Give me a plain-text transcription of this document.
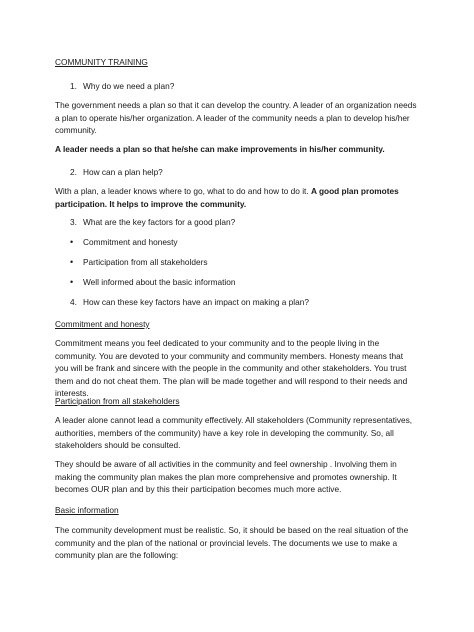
COMMUNITY TRAINING
1. Why do we need a plan?
The government needs a plan so that it can develop the country. A leader of an organization needs a plan to operate his/her organization. A leader of the community needs a plan to develop his/her community.
A leader needs a plan so that he/she can make improvements in his/her community.
2. How can a plan help?
With a plan, a leader knows where to go, what to do and how to do it. A good plan promotes participation. It helps to improve the community.
3. What are the key factors for a good plan?
•	Commitment and honesty
•	Participation from all stakeholders
•	Well informed about the basic information
4. How can these key factors have an impact on making a plan?
Commitment and honesty
Commitment means you feel dedicated to your community and to the people living in the community. You are devoted to your community and community members. Honesty means that you will be frank and sincere with the people in the community and other stakeholders. You trust them and do not cheat them. The plan will be made together and will respond to their needs and interests.
Participation from all stakeholders
A leader alone cannot lead a community effectively. All stakeholders (Community representatives, authorities, members of the community) have a key role in developing the community. So, all stakeholders should be consulted.
They should be aware of all activities in the community and feel ownership . Involving them in making the community plan makes the plan more comprehensive and promotes ownership. It becomes OUR plan and by this their participation becomes much more active.
Basic information
The community development must be realistic. So, it should be based on the real situation of the community and the plan of the national or provincial levels. The documents we use to make a community plan are the following:
